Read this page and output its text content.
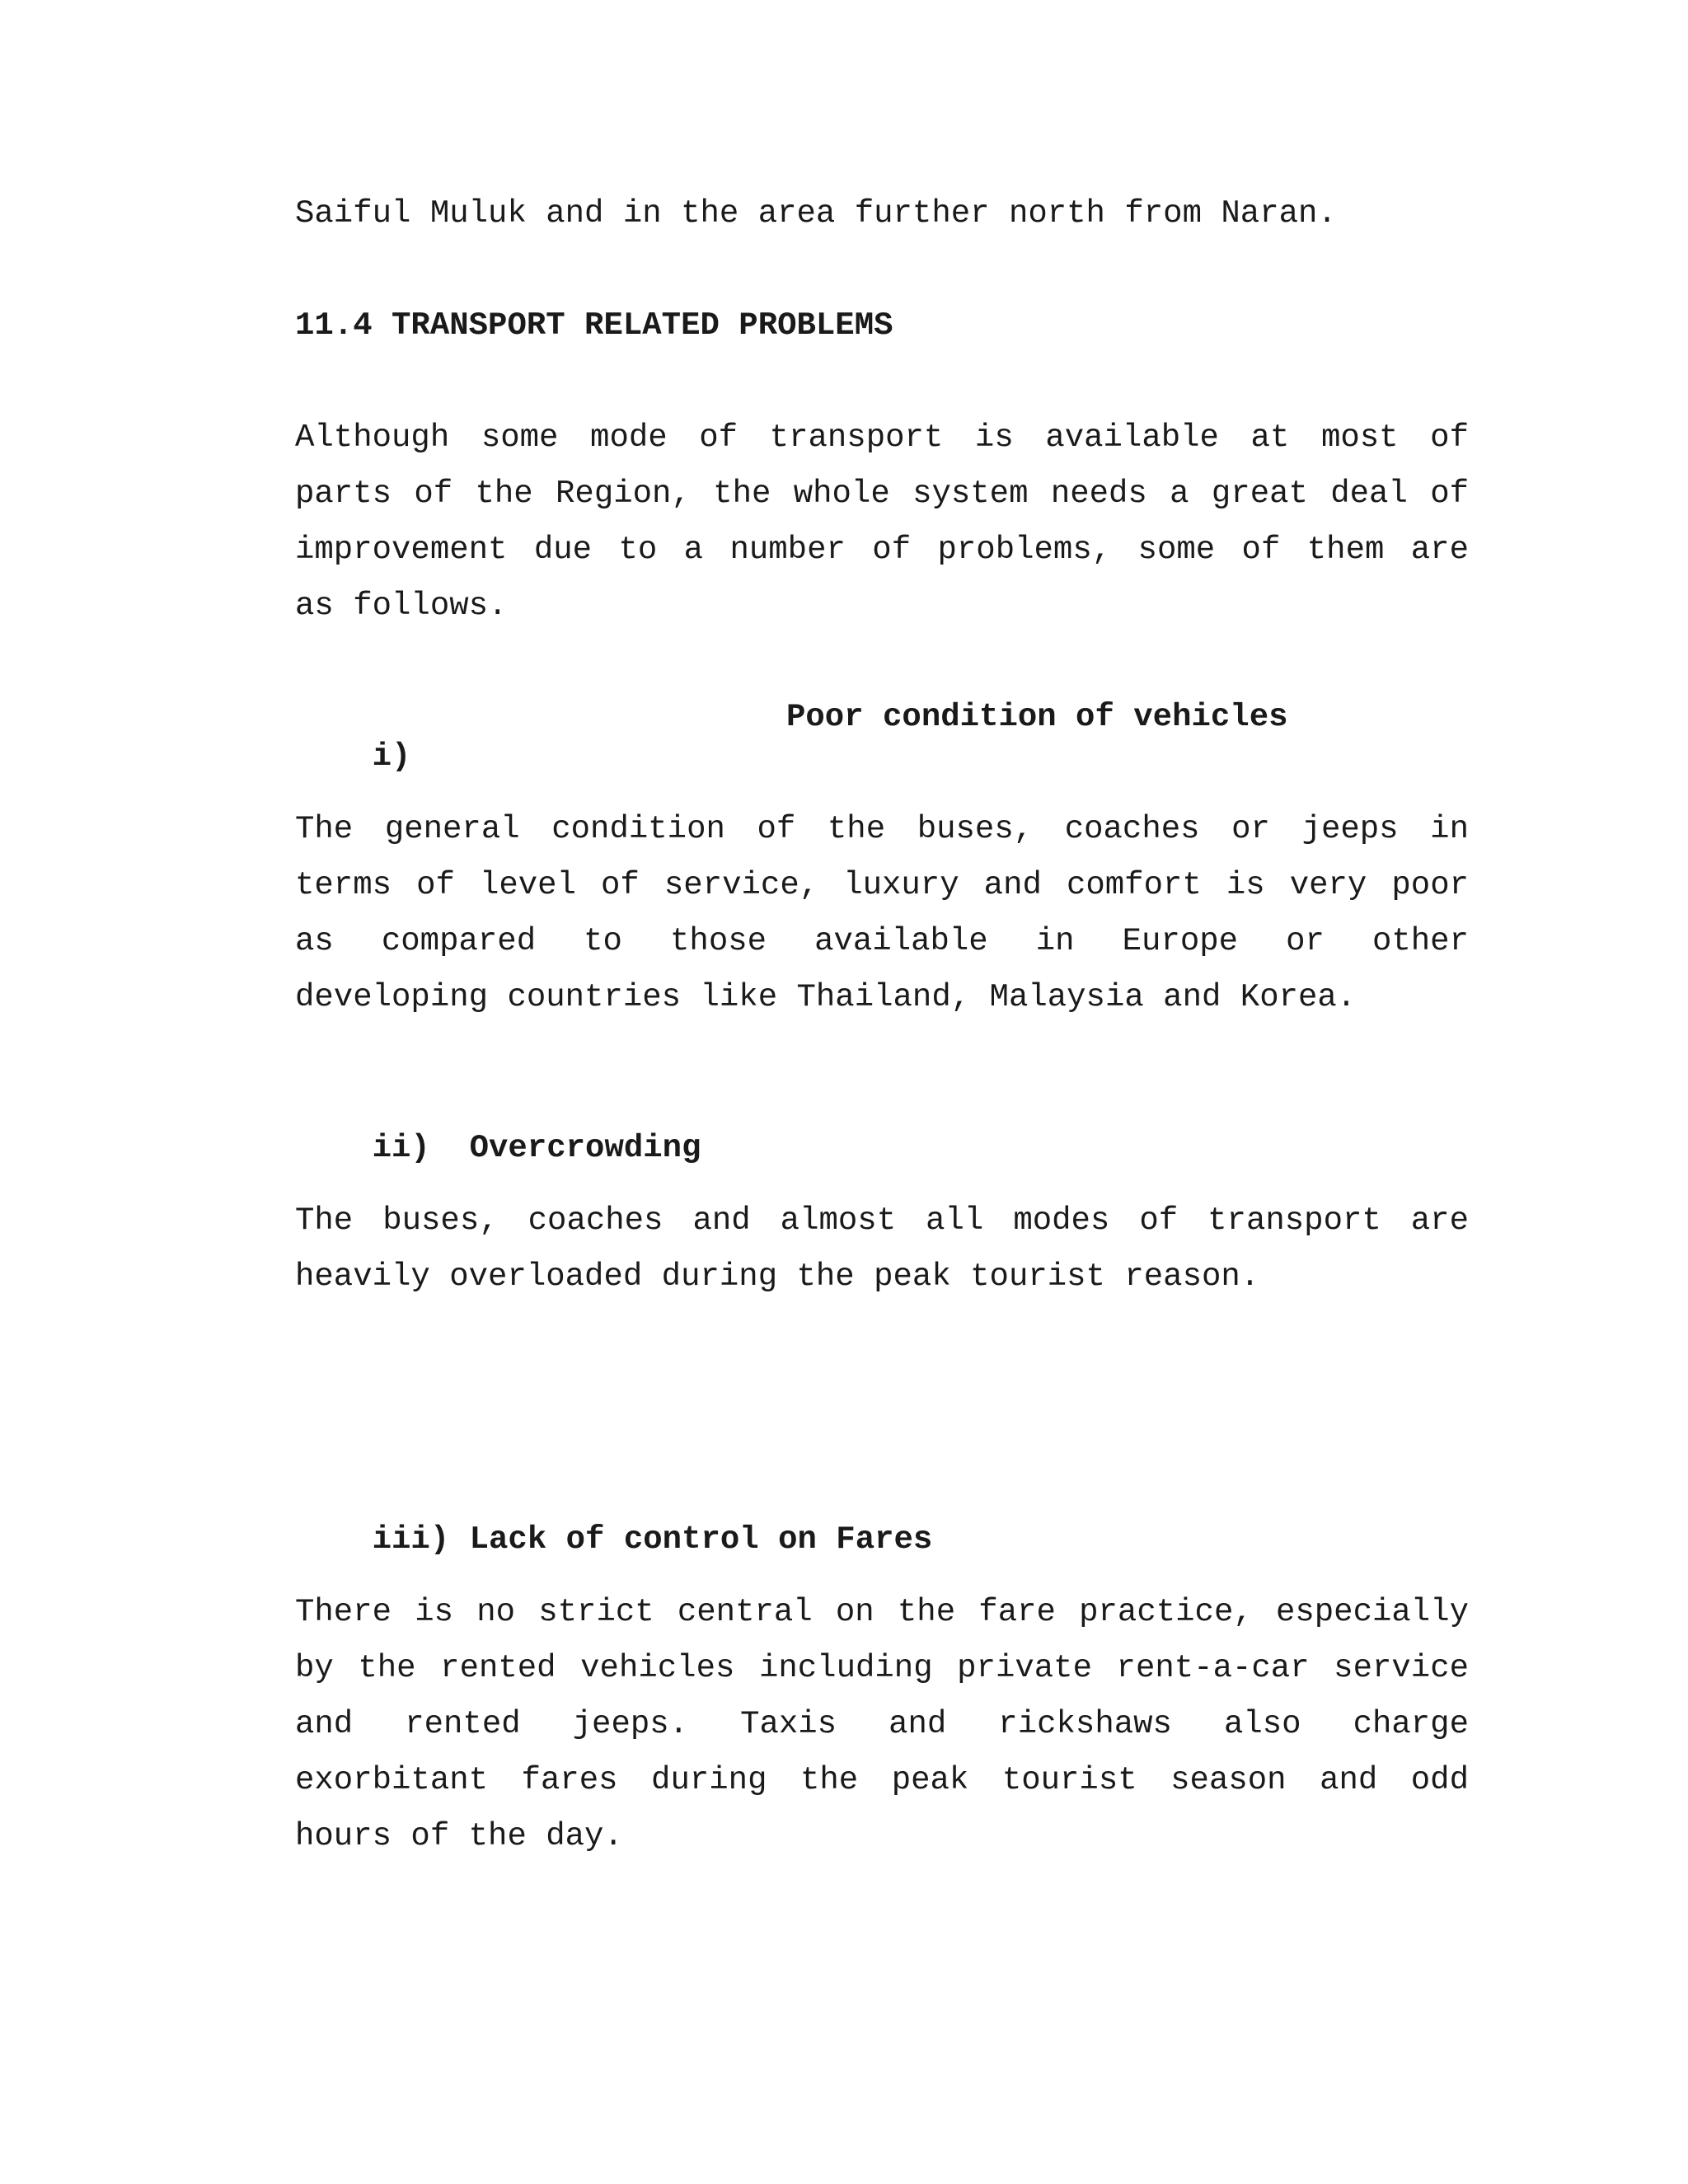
Saiful Muluk and in the area further north from Naran.
11.4 TRANSPORT RELATED PROBLEMS
Although some mode of transport is available at most of
parts of the Region, the whole system needs a great deal of
improvement due to a number of problems, some of them are
as follows.

i)
Poor condition of vehicles

The general condition of the buses, coaches or jeeps in
terms of level of service, luxury and comfort is very poor
as compared to those available in Europe or other
developing countries like Thailand, Malaysia and Korea.

ii) Overcrowding

The buses, coaches and almost all modes of transport are
heavily overloaded during the peak tourist reason.

iii) Lack of control on Fares

There is no strict central on the fare practice, especially
by the rented vehicles including private rent-a-car service
and rented jeeps. Taxis and rickshaws also charge
exorbitant fares during the peak tourist season and odd
hours of the day.
